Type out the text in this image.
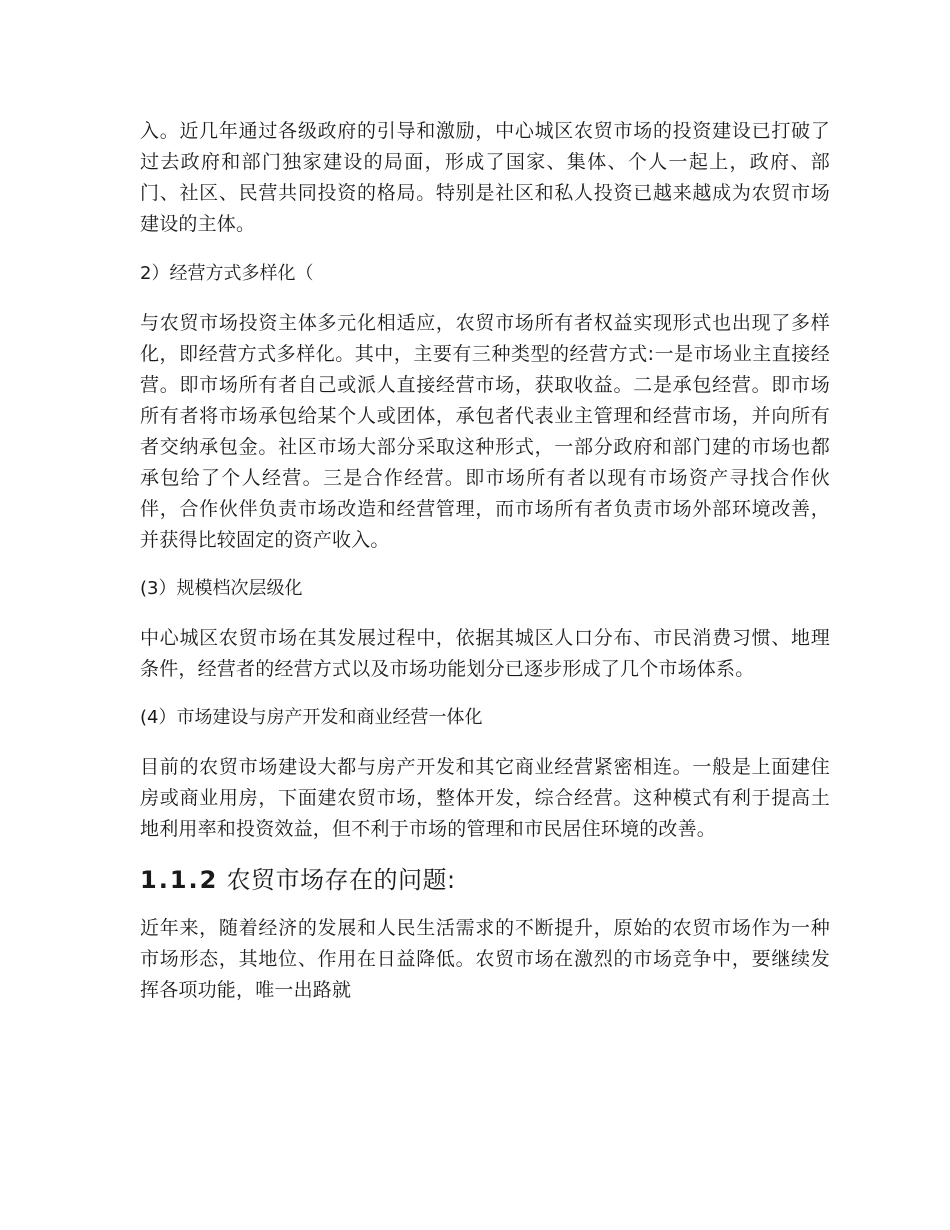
入。近几年通过各级政府的引导和激励，中心城区农贸市场的投资建设已打破了过去政府和部门独家建设的局面，形成了国家、集体、个人一起上，政府、部门、社区、民营共同投资的格局。特别是社区和私人投资已越来越成为农贸市场建设的主体。

2）经营方式多样化（

与农贸市场投资主体多元化相适应，农贸市场所有者权益实现形式也出现了多样化，即经营方式多样化。其中，主要有三种类型的经营方式:一是市场业主直接经营。即市场所有者自己或派人直接经营市场，获取收益。二是承包经营。即市场所有者将市场承包给某个人或团体，承包者代表业主管理和经营市场，并向所有者交纳承包金。社区市场大部分采取这种形式，一部分政府和部门建的市场也都承包给了个人经营。三是合作经营。即市场所有者以现有市场资产寻找合作伙伴，合作伙伴负责市场改造和经营管理，而市场所有者负责市场外部环境改善，并获得比较固定的资产收入。

(3）规模档次层级化

中心城区农贸市场在其发展过程中，依据其城区人口分布、市民消费习惯、地理条件，经营者的经营方式以及市场功能划分已逐步形成了几个市场体系。

(4）市场建设与房产开发和商业经营一体化

目前的农贸市场建设大都与房产开发和其它商业经营紧密相连。一般是上面建住房或商业用房，下面建农贸市场，整体开发，综合经营。这种模式有利于提高土地利用率和投资效益，但不利于市场的管理和市民居住环境的改善。

1.1.2 农贸市场存在的问题:

近年来，随着经济的发展和人民生活需求的不断提升，原始的农贸市场作为一种市场形态，其地位、作用在日益降低。农贸市场在激烈的市场竞争中，要继续发挥各项功能，唯一出路就
